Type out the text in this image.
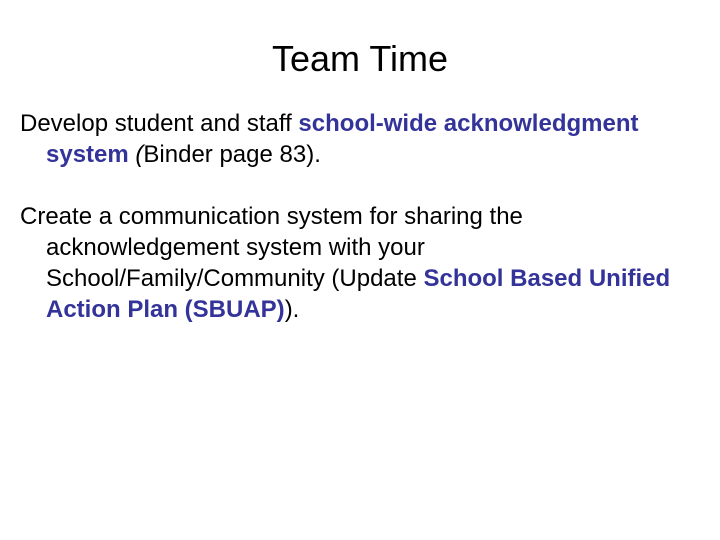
Team Time

Develop student and staff school-wide acknowledgment system (Binder page 83).

Create a communication system for sharing the acknowledgement system with your School/Family/Community (Update School Based Unified Action Plan (SBUAP)).
